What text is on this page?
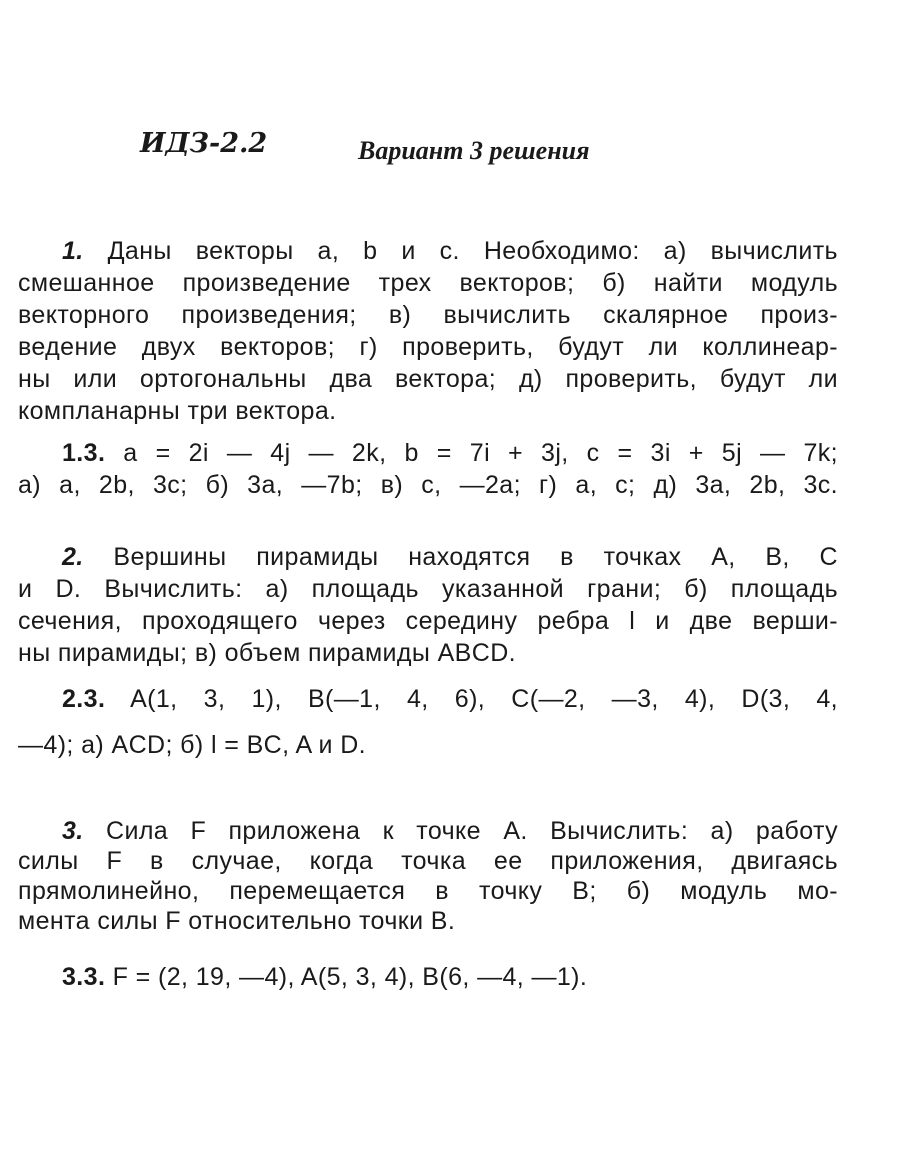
ИДЗ-2.2	Вариант 3 решения
1. Даны векторы a, b и c. Необходимо: а) вычислить
смешанное произведение трех векторов; б) найти модуль
векторного произведения; в) вычислить скалярное произ-
ведение двух векторов; г) проверить, будут ли коллинеар-
ны или ортогональны два вектора; д) проверить, будут ли
компланарны три вектора.
1.3. a = 2i — 4j — 2k, b = 7i + 3j, c = 3i + 5j — 7k;
а) a, 2b, 3c; б) 3a, —7b; в) c, —2a; г) a, c; д) 3a, 2b, 3c.
2. Вершины пирамиды находятся в точках A, B, C
и D. Вычислить: а) площадь указанной грани; б) площадь
сечения, проходящего через середину ребра l и две верши-
ны пирамиды; в) объем пирамиды ABCD.
2.3. A(1, 3, 1), B(—1, 4, 6), C(—2, —3, 4), D(3, 4,
—4); а) ACD; б) l = BC, A и D.
3. Сила F приложена к точке A. Вычислить: а) работу
силы F в случае, когда точка ее приложения, двигаясь
прямолинейно, перемещается в точку B; б) модуль мо-
мента силы F относительно точки B.
3.3. F = (2, 19, —4), A(5, 3, 4), B(6, —4, —1).
